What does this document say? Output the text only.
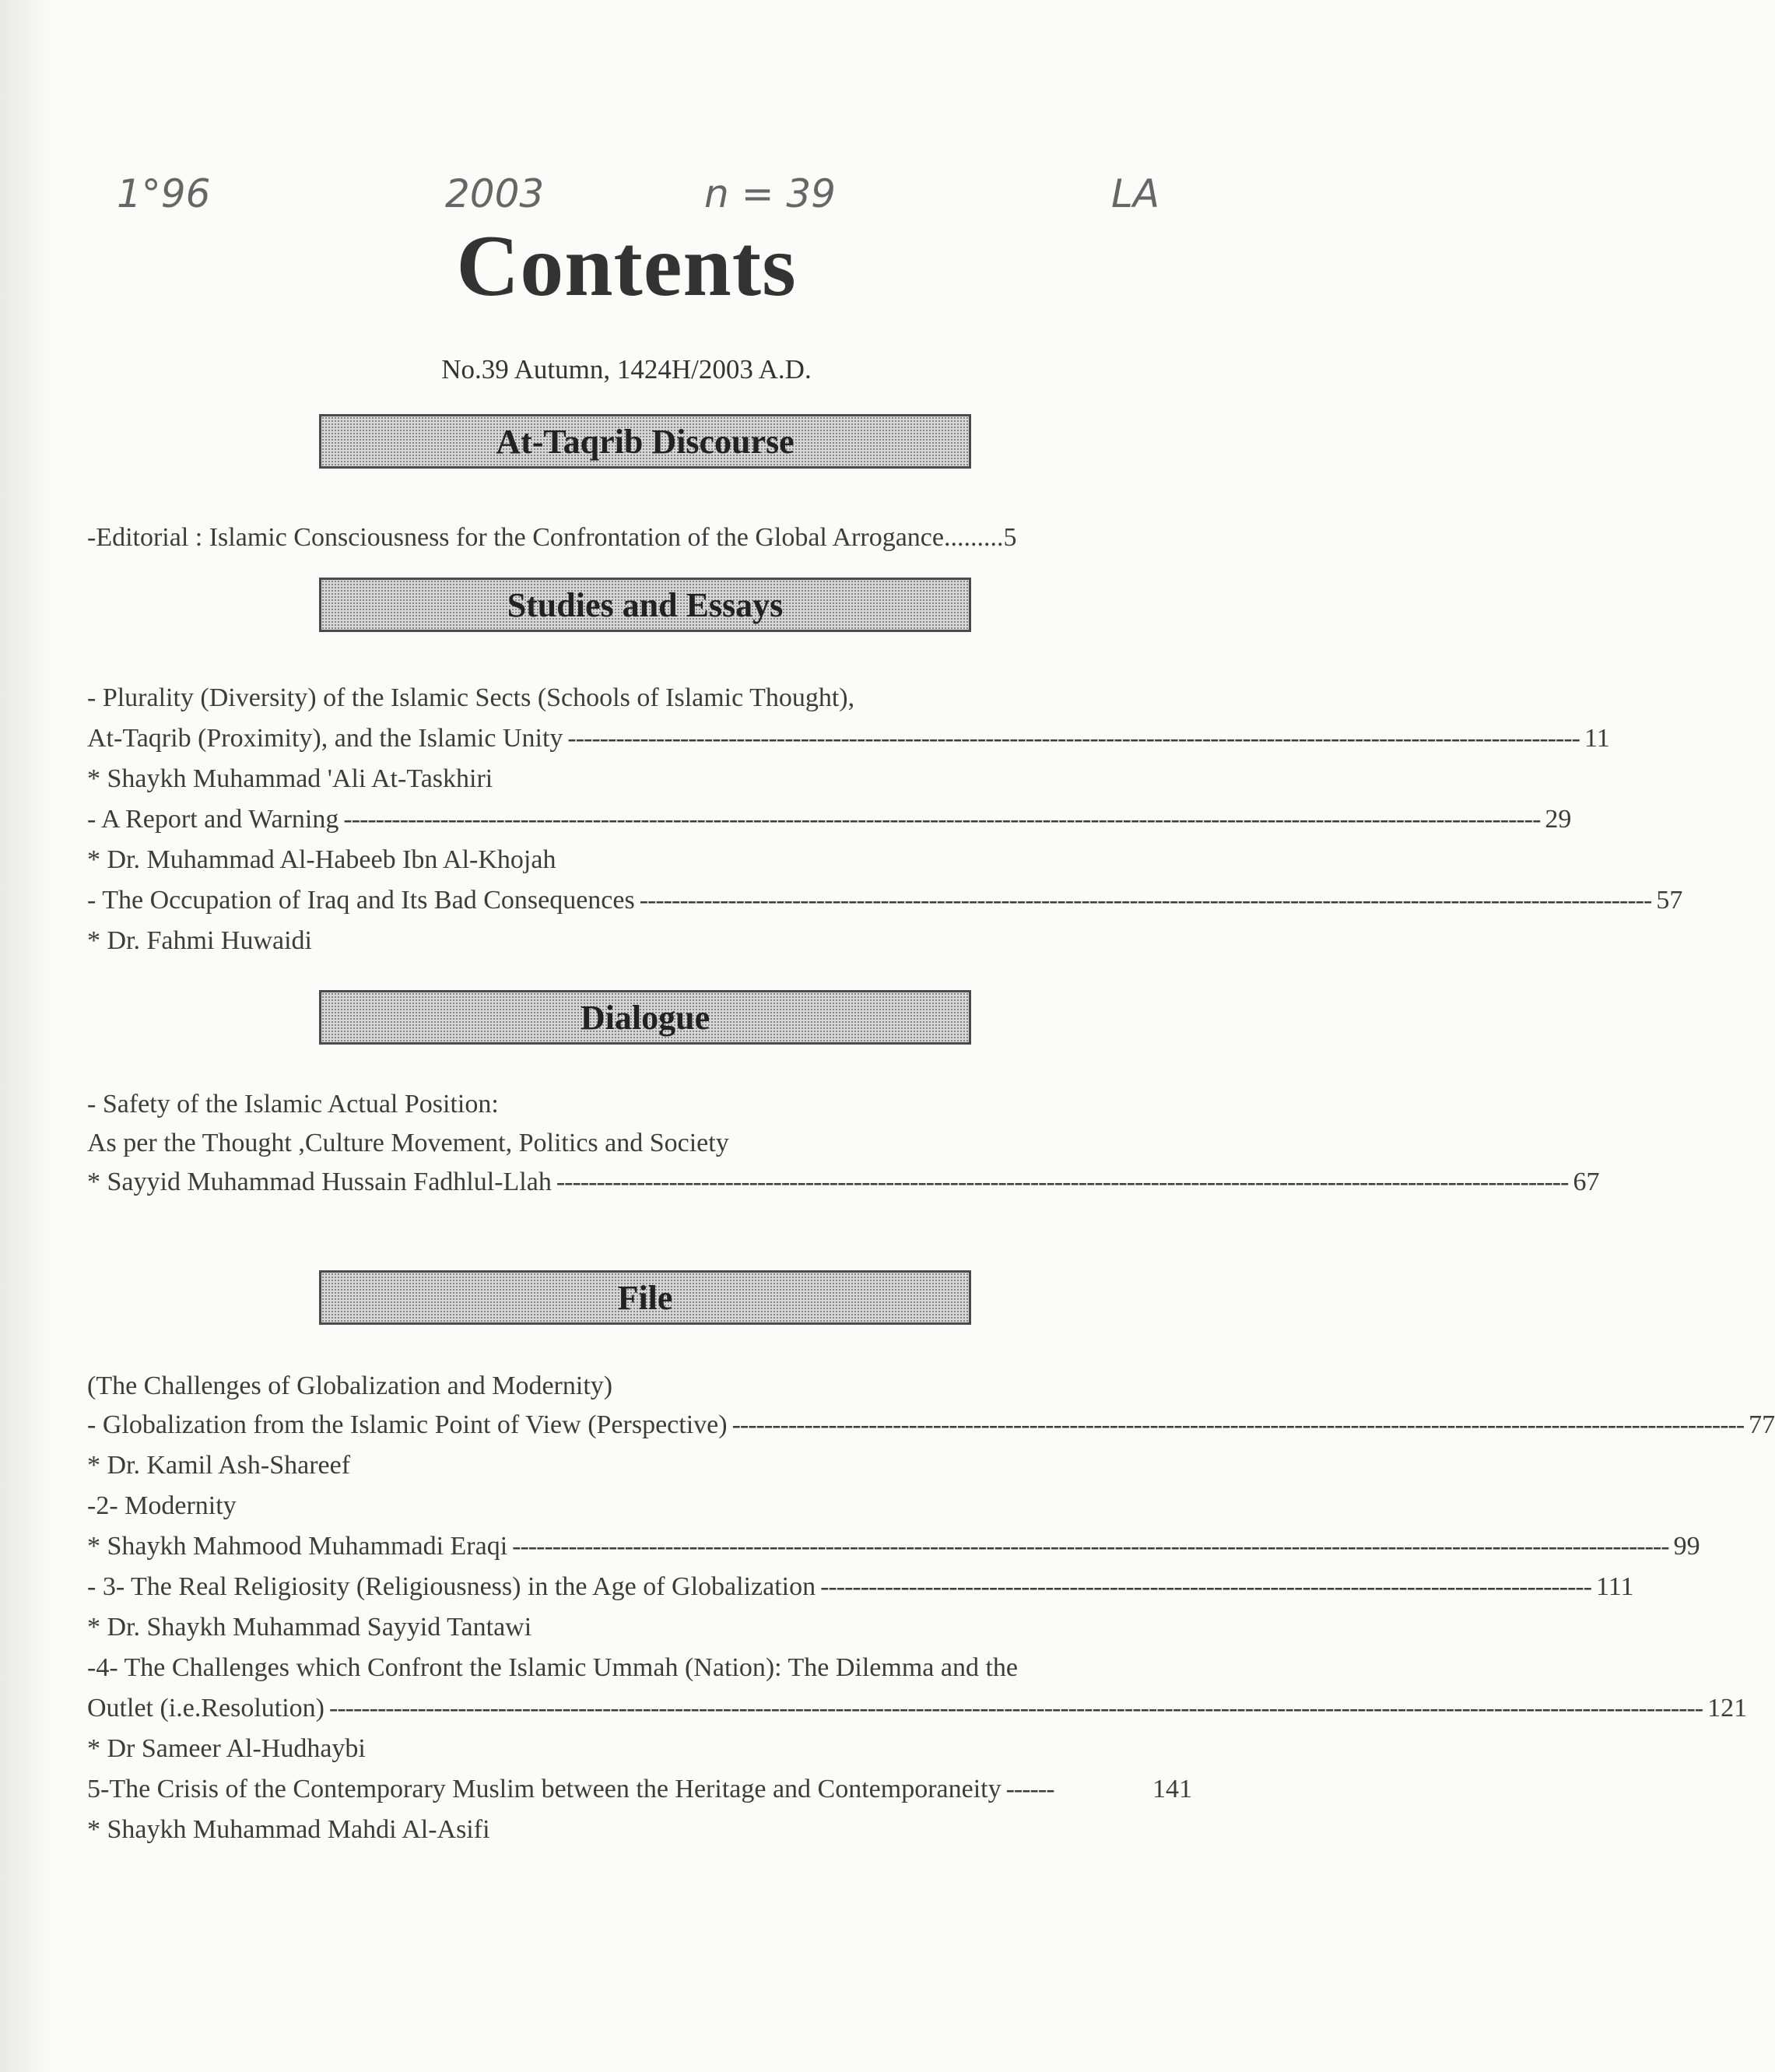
1°96	2003	n = 39	LA
Contents
No.39 Autumn, 1424H/2003 A.D.
At-Taqrib Discourse
-Editorial : Islamic Consciousness for the Confrontation of the Global Arrogance.........5
Studies and Essays
- Plurality (Diversity) of the Islamic Sects (Schools of Islamic Thought),
At-Taqrib (Proximity), and the Islamic Unity ------------------------------------------------------------------------------------------------------------------------------ 11
* Shaykh Muhammad 'Ali At-Taskhiri
- A Report and Warning ----------------------------------------------------------------------------------------------------------------------------------------------------- 29
* Dr. Muhammad Al-Habeeb Ibn Al-Khojah
- The Occupation of Iraq and Its Bad Consequences ------------------------------------------------------------------------------------------------------------------------------ 57
* Dr. Fahmi Huwaidi
Dialogue
- Safety of the Islamic Actual Position:
As per the Thought ,Culture Movement, Politics and Society
* Sayyid Muhammad Hussain Fadhlul-Llah ------------------------------------------------------------------------------------------------------------------------------ 67
File
(The Challenges of Globalization and Modernity)
- Globalization from the Islamic Point of View (Perspective) ------------------------------------------------------------------------------------------------------------------------------ 77
* Dr. Kamil Ash-Shareef
-2- Modernity
* Shaykh Mahmood Muhammadi Eraqi ------------------------------------------------------------------------------------------------------------------------------------------------ 99
- 3- The Real Religiosity (Religiousness) in the Age of Globalization ------------------------------------------------------------------------------------------------ 111
* Dr. Shaykh Muhammad Sayyid Tantawi
-4- The Challenges which Confront the Islamic Ummah (Nation): The Dilemma and the
Outlet (i.e.Resolution) --------------------------------------------------------------------------------------------------------------------------------------------------------------------------- 121
* Dr Sameer Al-Hudhaybi
5-The Crisis of the Contemporary Muslim between the Heritage and Contemporaneity ------	141
* Shaykh Muhammad Mahdi Al-Asifi
